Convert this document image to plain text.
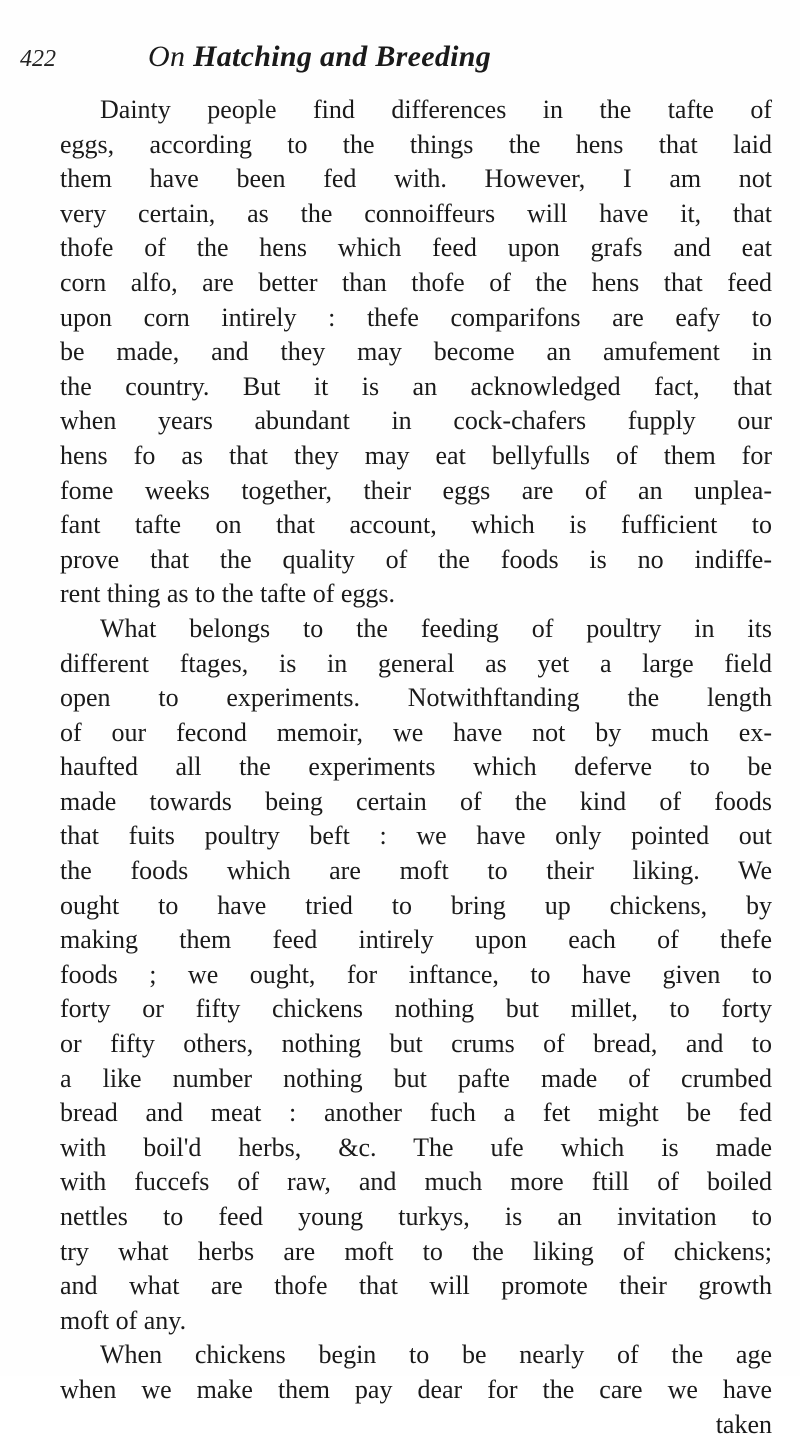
422	On Hatching and Breeding
Dainty people find differences in the tafte of
eggs, according to the things the hens that laid
them have been fed with. However, I am not
very certain, as the connoiffeurs will have it, that
thofe of the hens which feed upon grafs and eat
corn alfo, are better than thofe of the hens that feed
upon corn intirely : thefe comparifons are eafy to
be made, and they may become an amufement in
the country. But it is an acknowledged fact, that
when years abundant in cock-chafers fupply our
hens fo as that they may eat bellyfulls of them for
fome weeks together, their eggs are of an unplea-
fant tafte on that account, which is fufficient to
prove that the quality of the foods is no indiffe-
rent thing as to the tafte of eggs.
What belongs to the feeding of poultry in its
different ftages, is in general as yet a large field
open to experiments. Notwithftanding the length
of our fecond memoir, we have not by much ex-
haufted all the experiments which deferve to be
made towards being certain of the kind of foods
that fuits poultry beft : we have only pointed out
the foods which are moft to their liking. We
ought to have tried to bring up chickens, by
making them feed intirely upon each of thefe
foods ; we ought, for inftance, to have given to
forty or fifty chickens nothing but millet, to forty
or fifty others, nothing but crums of bread, and to
a like number nothing but pafte made of crumbed
bread and meat : another fuch a fet might be fed
with boil'd herbs, &c. The ufe which is made
with fuccefs of raw, and much more ftill of boiled
nettles to feed young turkys, is an invitation to
try what herbs are moft to the liking of chickens;
and what are thofe that will promote their growth
moft of any.
When chickens begin to be nearly of the age
when we make them pay dear for the care we have
taken
